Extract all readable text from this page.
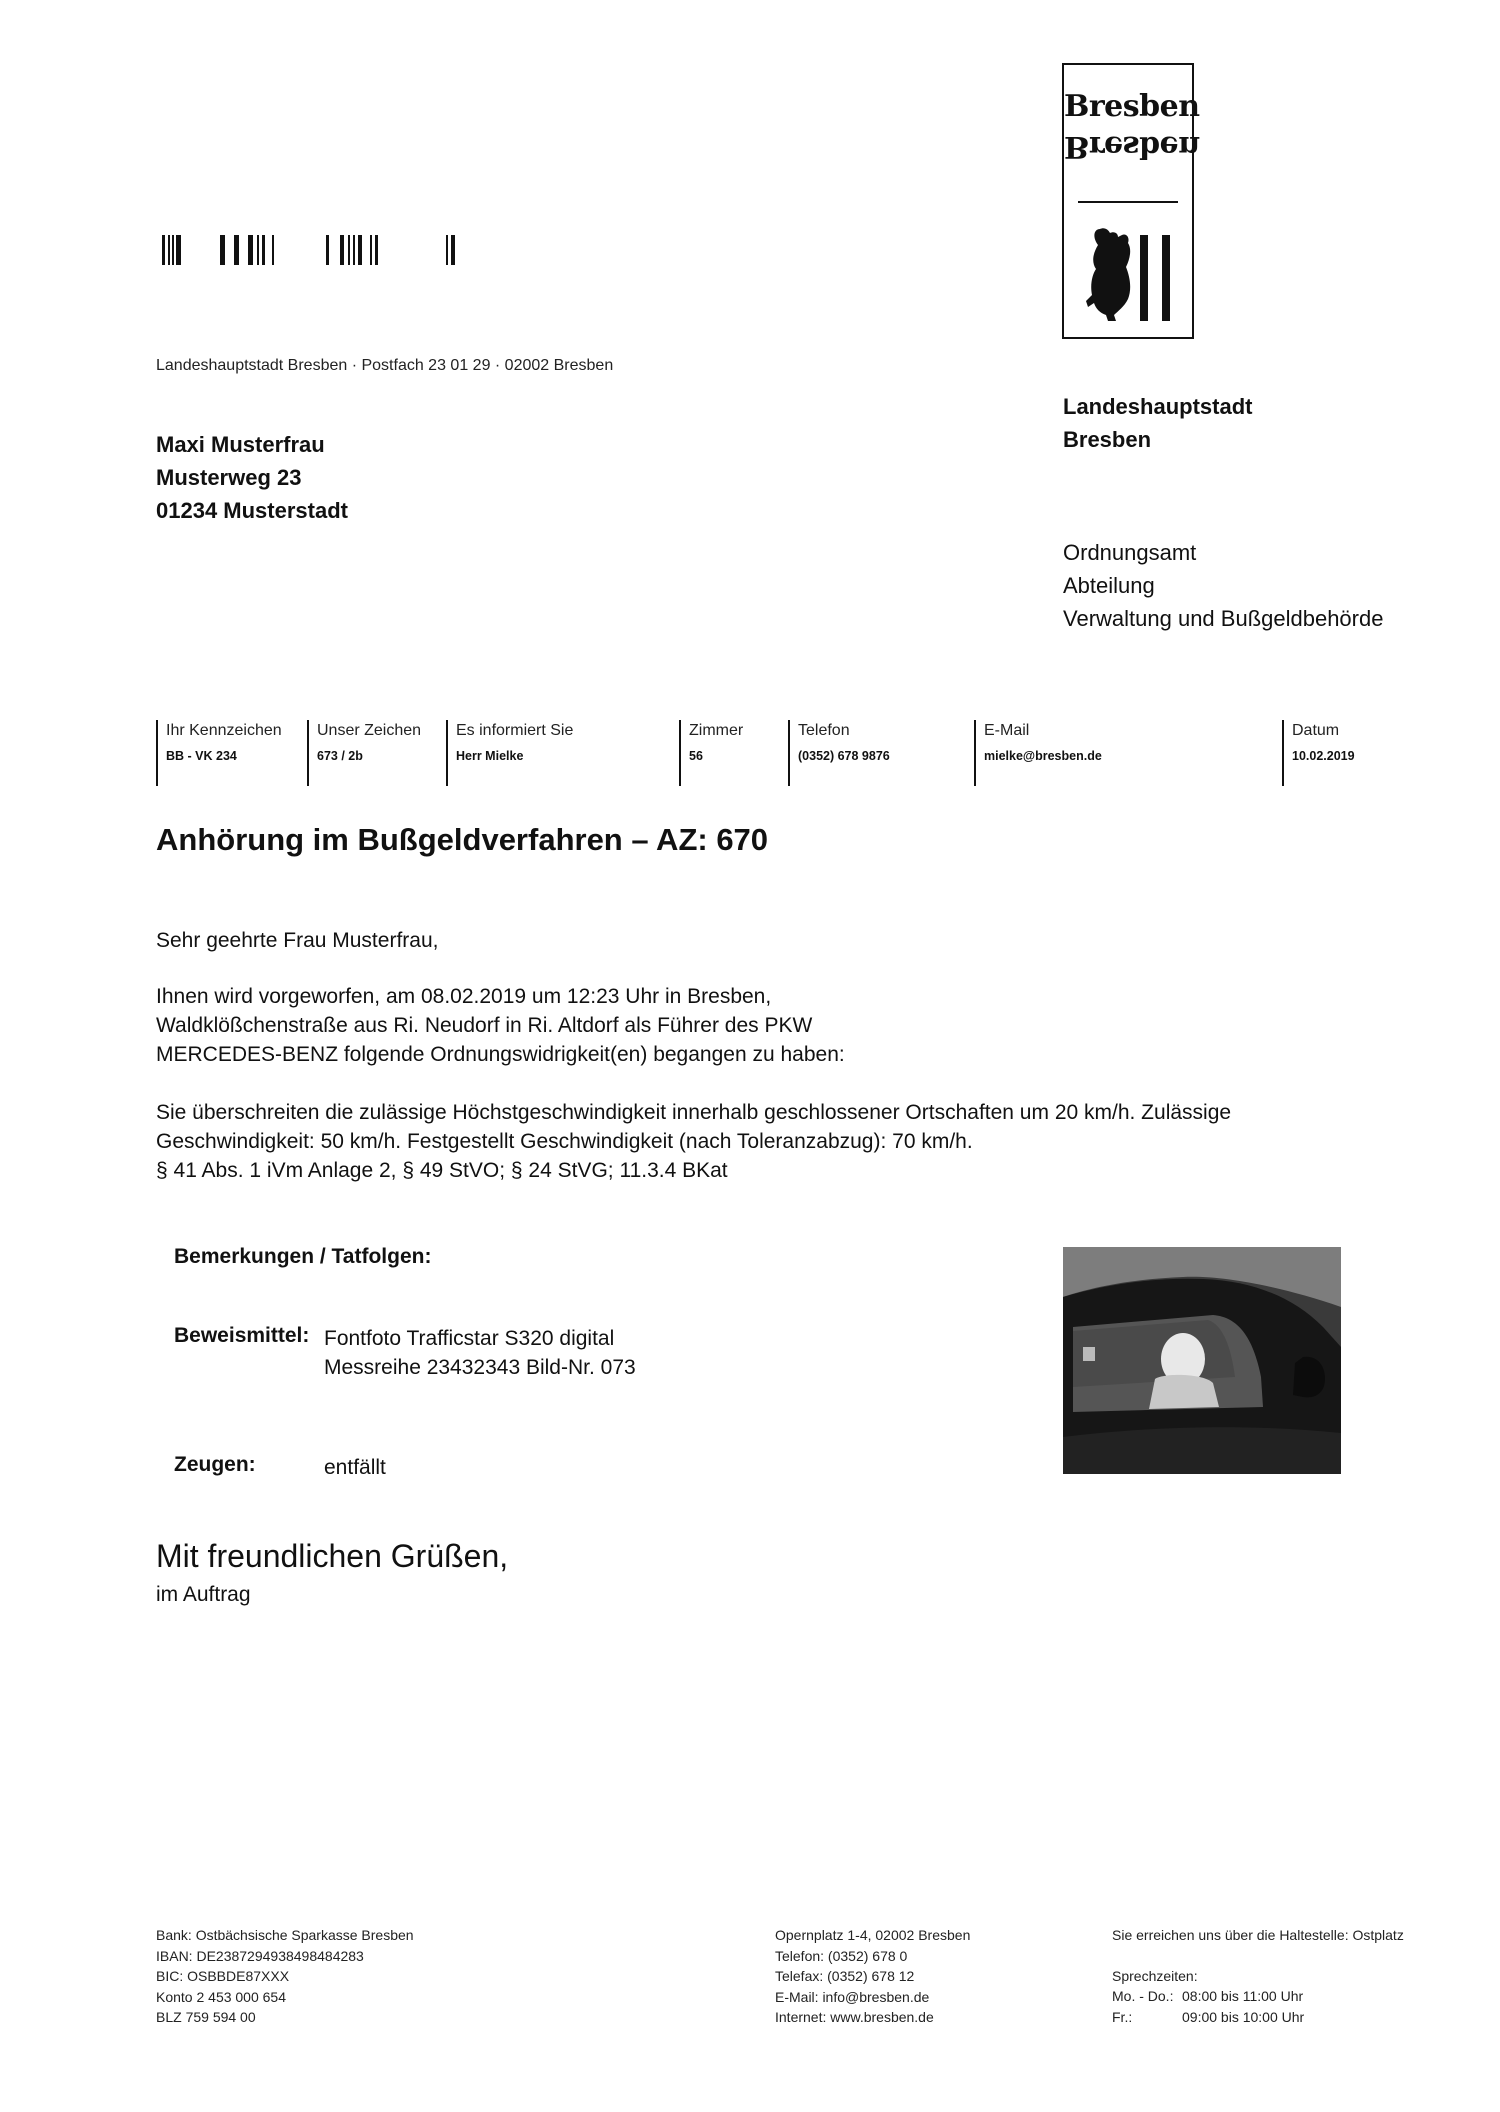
Bresben
Bresben
Landeshauptstadt Bresben · Postfach 23 01 29 · 02002 Bresben
Maxi Musterfrau
Musterweg 23
01234 Musterstadt
Landeshauptstadt
Bresben
Ordnungsamt
Abteilung
Verwaltung und Bußgeldbehörde
Ihr Kennzeichen
BB - VK 234
Unser Zeichen
673 / 2b
Es informiert Sie
Herr Mielke
Zimmer
56
Telefon
(0352) 678 9876
E-Mail
mielke@bresben.de
Datum
10.02.2019
Anhörung im Bußgeldverfahren – AZ: 670
Sehr geehrte Frau Musterfrau,
Ihnen wird vorgeworfen, am 08.02.2019 um 12:23 Uhr in Bresben,
Waldklößchenstraße aus Ri. Neudorf in Ri. Altdorf als Führer des PKW
MERCEDES-BENZ folgende Ordnungswidrigkeit(en) begangen zu haben:
Sie überschreiten die zulässige Höchstgeschwindigkeit innerhalb geschlossener Ortschaften um 20 km/h. Zulässige
Geschwindigkeit: 50 km/h. Festgestellt Geschwindigkeit (nach Toleranzabzug): 70 km/h.
§ 41 Abs. 1 iVm Anlage 2, § 49 StVO; § 24 StVG; 11.3.4 BKat
Bemerkungen / Tatfolgen:
Beweismittel: Fontfoto Trafficstar S320 digital
Messreihe 23432343 Bild-Nr. 073
Zeugen:	entfällt
Mit freundlichen Grüßen,
im Auftrag
Bank: Ostbächsische Sparkasse Bresben
IBAN: DE2387294938498484283
BIC: OSBBDE87XXX
Konto 2 453 000 654
BLZ 759 594 00
Opernplatz 1-4, 02002 Bresben
Telefon: (0352) 678 0
Telefax: (0352) 678 12
E-Mail: info@bresben.de
Internet: www.bresben.de
Sie erreichen uns über die Haltestelle: Ostplatz
Sprechzeiten:
Mo. - Do.: 08:00 bis 11:00 Uhr
Fr.:	09:00 bis 10:00 Uhr
